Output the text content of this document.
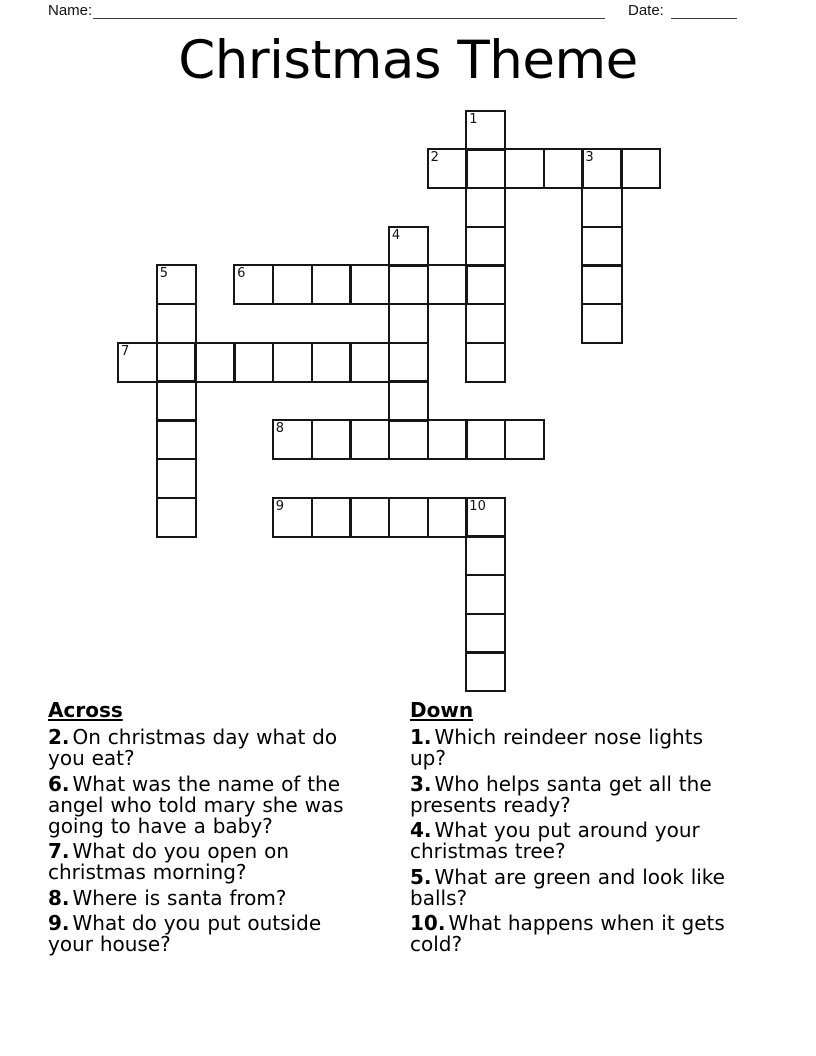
Name:	Date:
Christmas Theme
1
2	3
4
5	6
7
8
9	10
Across

2. On christmas day what do you eat?

6. What was the name of the angel who told mary she was going to have a baby?

7. What do you open on christmas morning?

8. Where is santa from?

9. What do you put outside your house?

Down

1. Which reindeer nose lights up?

3. Who helps santa get all the presents ready?

4. What you put around your christmas tree?

5. What are green and look like balls?

10. What happens when it gets cold?
